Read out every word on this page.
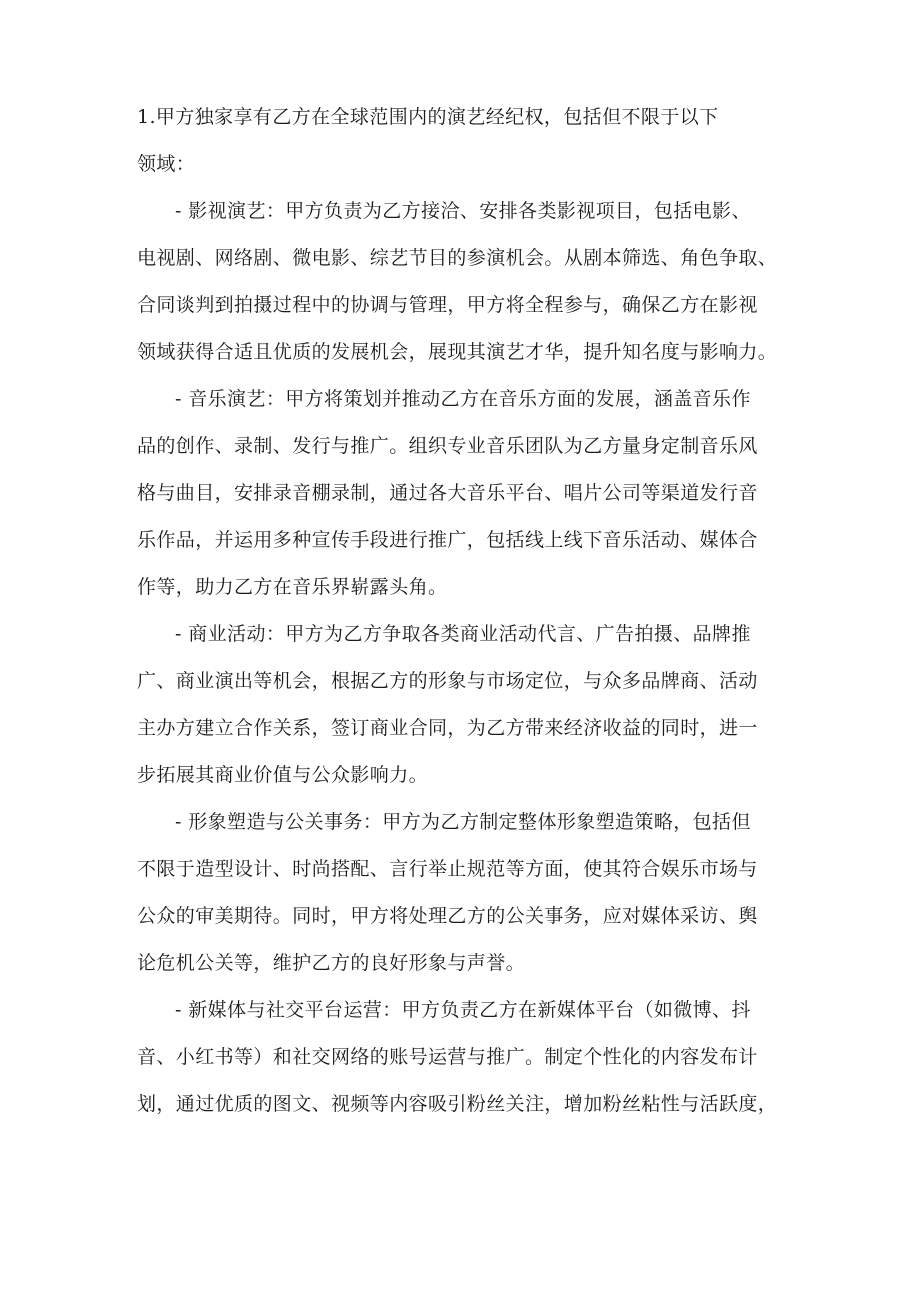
1.甲方独家享有乙方在全球范围内的演艺经纪权，包括但不限于以下
领域：
- 影视演艺：甲方负责为乙方接洽、安排各类影视项目，包括电影、
电视剧、网络剧、微电影、综艺节目的参演机会。从剧本筛选、角色争取、
合同谈判到拍摄过程中的协调与管理，甲方将全程参与，确保乙方在影视
领域获得合适且优质的发展机会，展现其演艺才华，提升知名度与影响力。
- 音乐演艺：甲方将策划并推动乙方在音乐方面的发展，涵盖音乐作
品的创作、录制、发行与推广。组织专业音乐团队为乙方量身定制音乐风
格与曲目，安排录音棚录制，通过各大音乐平台、唱片公司等渠道发行音
乐作品，并运用多种宣传手段进行推广，包括线上线下音乐活动、媒体合
作等，助力乙方在音乐界崭露头角。
- 商业活动：甲方为乙方争取各类商业活动代言、广告拍摄、品牌推
广、商业演出等机会，根据乙方的形象与市场定位，与众多品牌商、活动
主办方建立合作关系，签订商业合同，为乙方带来经济收益的同时，进一
步拓展其商业价值与公众影响力。
- 形象塑造与公关事务：甲方为乙方制定整体形象塑造策略，包括但
不限于造型设计、时尚搭配、言行举止规范等方面，使其符合娱乐市场与
公众的审美期待。同时，甲方将处理乙方的公关事务，应对媒体采访、舆
论危机公关等，维护乙方的良好形象与声誉。
- 新媒体与社交平台运营：甲方负责乙方在新媒体平台（如微博、抖
音、小红书等）和社交网络的账号运营与推广。制定个性化的内容发布计
划，通过优质的图文、视频等内容吸引粉丝关注，增加粉丝粘性与活跃度，
